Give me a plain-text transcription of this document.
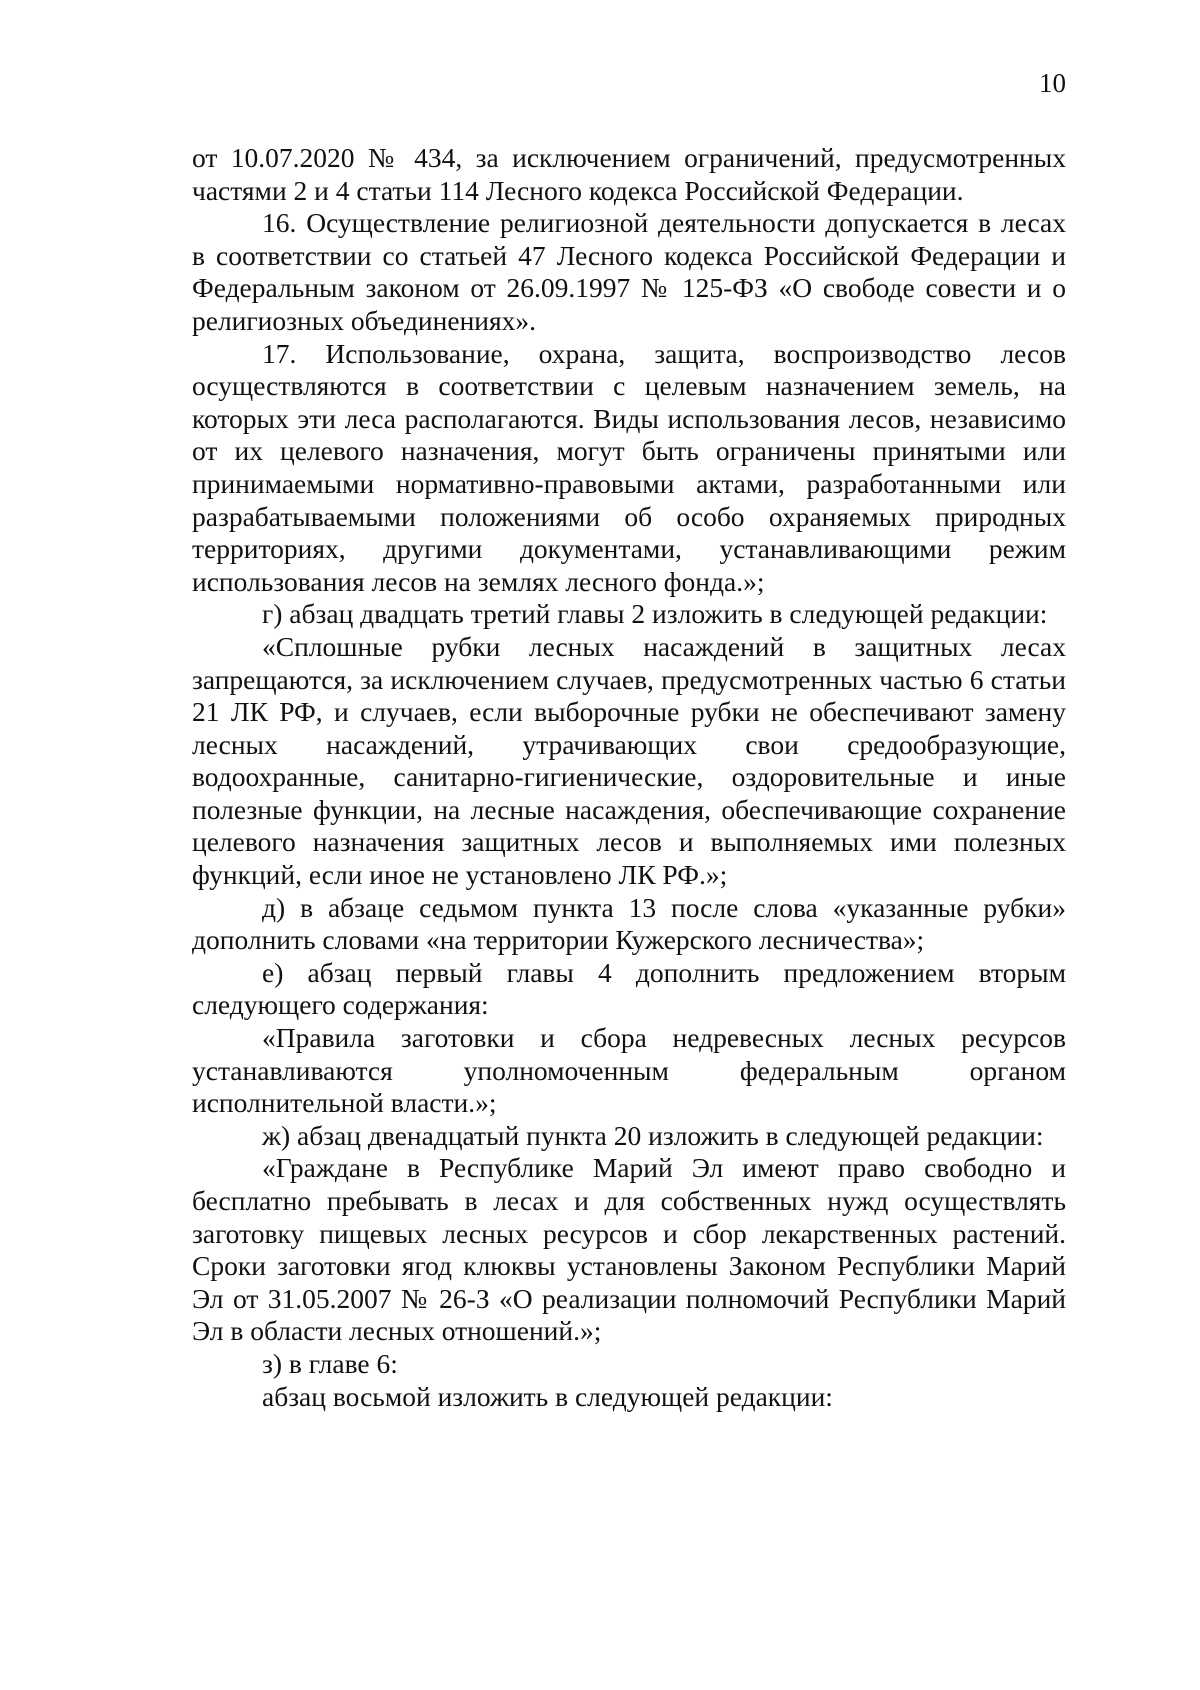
10

от 10.07.2020 № 434, за исключением ограничений, предусмотренных частями 2 и 4 статьи 114 Лесного кодекса Российской Федерации.

16. Осуществление религиозной деятельности допускается в лесах в соответствии со статьей 47 Лесного кодекса Российской Федерации и Федеральным законом от 26.09.1997 № 125-ФЗ «О свободе совести и о религиозных объединениях».

17. Использование, охрана, защита, воспроизводство лесов осуществляются в соответствии с целевым назначением земель, на которых эти леса располагаются. Виды использования лесов, независимо от их целевого назначения, могут быть ограничены принятыми или принимаемыми нормативно-правовыми актами, разработанными или разрабатываемыми положениями об особо охраняемых природных территориях, другими документами, устанавливающими режим использования лесов на землях лесного фонда.»;

г) абзац двадцать третий главы 2 изложить в следующей редакции:

«Сплошные рубки лесных насаждений в защитных лесах запрещаются, за исключением случаев, предусмотренных частью 6 статьи 21 ЛК РФ, и случаев, если выборочные рубки не обеспечивают замену лесных насаждений, утрачивающих свои средообразующие, водоохранные, санитарно-гигиенические, оздоровительные и иные полезные функции, на лесные насаждения, обеспечивающие сохранение целевого назначения защитных лесов и выполняемых ими полезных функций, если иное не установлено ЛК РФ.»;

д) в абзаце седьмом пункта 13 после слова «указанные рубки» дополнить словами «на территории Кужерского лесничества»;

е) абзац первый главы 4 дополнить предложением вторым следующего содержания:

«Правила заготовки и сбора недревесных лесных ресурсов устанавливаются уполномоченным федеральным органом исполнительной власти.»;

ж) абзац двенадцатый пункта 20 изложить в следующей редакции:

«Граждане в Республике Марий Эл имеют право свободно и бесплатно пребывать в лесах и для собственных нужд осуществлять заготовку пищевых лесных ресурсов и сбор лекарственных растений. Сроки заготовки ягод клюквы установлены Законом Республики Марий Эл от 31.05.2007 № 26-З «О реализации полномочий Республики Марий Эл в области лесных отношений.»;

з) в главе 6:

абзац восьмой изложить в следующей редакции:
